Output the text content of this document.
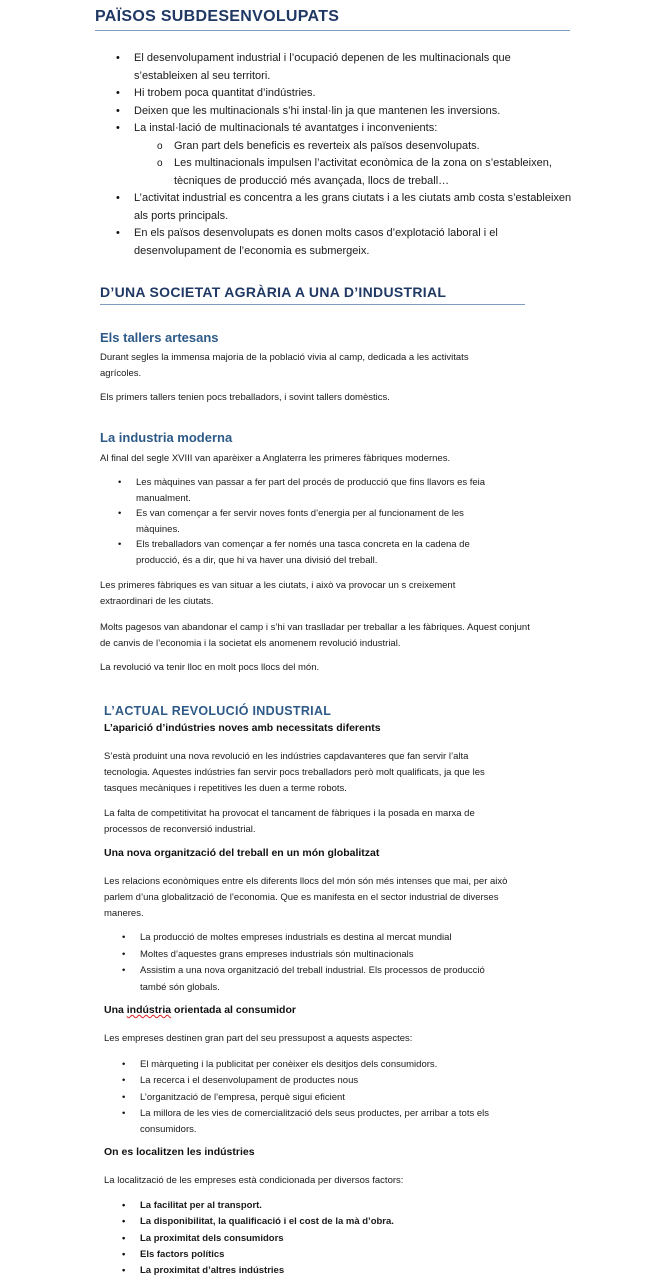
PAÏSOS SUBDESENVOLUPATS
• El desenvolupament industrial i l’ocupació depenen de les multinacionals que s’estableixen al seu territori.
• Hi trobem poca quantitat d’indústries.
• Deixen que les multinacionals s’hi instal·lin ja que mantenen les inversions.
• La instal·lació de multinacionals té avantatges i inconvenients:
o Gran part dels beneficis es reverteix als països desenvolupats.
o Les multinacionals impulsen l’activitat econòmica de la zona on s’estableixen, tècniques de producció més avançada, llocs de treball…
• L’activitat industrial es concentra a les grans ciutats i a les ciutats amb costa s’estableixen als ports principals.
• En els països desenvolupats es donen molts casos d’explotació laboral i el desenvolupament de l’economia es submergeix.
D’UNA SOCIETAT AGRÀRIA A UNA D’INDUSTRIAL
Els tallers artesans

Durant segles la immensa majoria de la població vivia al camp, dedicada a les activitats agrícoles.

Els primers tallers tenien pocs treballadors, i sovint tallers domèstics.

La industria moderna

Al final del segle XVIII van aparèixer a Anglaterra les primeres fàbriques modernes.

• Les màquines van passar a fer part del procés de producció que fins llavors es feia manualment.
• Es van començar a fer servir noves fonts d’energia per al funcionament de les màquines.
• Els treballadors van començar a fer només una tasca concreta en la cadena de producció, és a dir, que hi va haver una divisió del treball.

Les primeres fàbriques es van situar a les ciutats, i això va provocar un s creixement extraordinari de les ciutats.

Molts pagesos van abandonar el camp i s’hi van traslladar per treballar a les fàbriques. Aquest conjunt de canvis de l’economia i la societat els anomenem revolució industrial.

La revolució va tenir lloc en molt pocs llocs del món.

L’ACTUAL REVOLUCIÓ INDUSTRIAL
L’aparició d’indústries noves amb necessitats diferents

S’està produint una nova revolució en les indústries capdavanteres que fan servir l’alta tecnologia. Aquestes indústries fan servir pocs treballadors però molt qualificats, ja que les tasques mecàniques i repetitives les duen a terme robots.

La falta de competitivitat ha provocat el tancament de fàbriques i la posada en marxa de processos de reconversió industrial.

Una nova organització del treball en un món globalitzat

Les relacions econòmiques entre els diferents llocs del món són més intenses que mai, per això parlem d’una globalització de l’economia. Que es manifesta en el sector industrial de diverses maneres.

• La producció de moltes empreses industrials es destina al mercat mundial
• Moltes d’aquestes grans empreses industrials són multinacionals
• Assistim a una nova organització del treball industrial. Els processos de producció també són globals.
Una indústria orientada al consumidor

Les empreses destinen gran part del seu pressupost a aquests aspectes:

• El màrqueting i la publicitat per conèixer els desitjos dels consumidors.
• La recerca i el desenvolupament de productes nous
• L’organització de l’empresa, perquè sigui eficient
• La millora de les vies de comercialització dels seus productes, per arribar a tots els consumidors.
On es localitzen les indústries

La localització de les empreses està condicionada per diversos factors:

• La facilitat per al transport.
• La disponibilitat, la qualificació i el cost de la mà d’obra.
• La proximitat dels consumidors
• Els factors polítics
• La proximitat d’altres indústries
